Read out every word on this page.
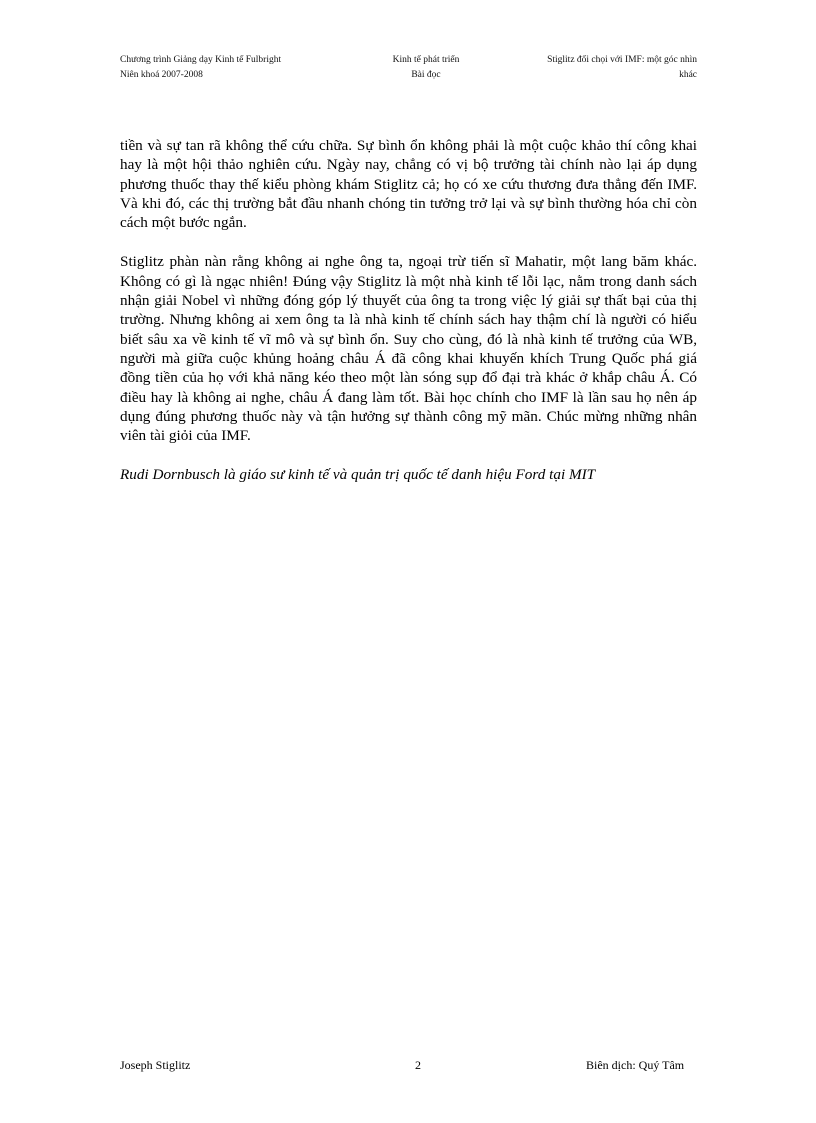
Chương trình Giảng dạy Kinh tế Fulbright
Niên khoá 2007-2008
Kinh tế phát triển
Bài đọc
Stiglitz đối chọi với IMF: một góc nhìn
khác

tiền và sự tan rã không thể cứu chữa. Sự bình ổn không phải là một cuộc khảo thí công khai hay là một hội thảo nghiên cứu. Ngày nay, chẳng có vị bộ trưởng tài chính nào lại áp dụng phương thuốc thay thế kiểu phòng khám Stiglitz cả; họ có xe cứu thương đưa thẳng đến IMF. Và khi đó, các thị trường bắt đầu nhanh chóng tin tưởng trở lại và sự bình thường hóa chỉ còn cách một bước ngắn.

Stiglitz phàn nàn rằng không ai nghe ông ta, ngoại trừ tiến sĩ Mahatir, một lang băm khác. Không có gì là ngạc nhiên! Đúng vậy Stiglitz là một nhà kinh tế lỗi lạc, nằm trong danh sách nhận giải Nobel vì những đóng góp lý thuyết của ông ta trong việc lý giải sự thất bại của thị trường. Nhưng không ai xem ông ta là nhà kinh tế chính sách hay thậm chí là người có hiểu biết sâu xa về kinh tế vĩ mô và sự bình ổn. Suy cho cùng, đó là nhà kinh tế trưởng của WB, người mà giữa cuộc khủng hoảng châu Á đã công khai khuyến khích Trung Quốc phá giá đồng tiền của họ với khả năng kéo theo một làn sóng sụp đổ đại trà khác ở khắp châu Á. Có điều hay là không ai nghe, châu Á đang làm tốt. Bài học chính cho IMF là lần sau họ nên áp dụng đúng phương thuốc này và tận hưởng sự thành công mỹ mãn. Chúc mừng những nhân viên tài giỏi của IMF.

Rudi Dornbusch là giáo sư kinh tế và quản trị quốc tế danh hiệu Ford tại MIT

Joseph Stiglitz	2	Biên dịch: Quý Tâm
